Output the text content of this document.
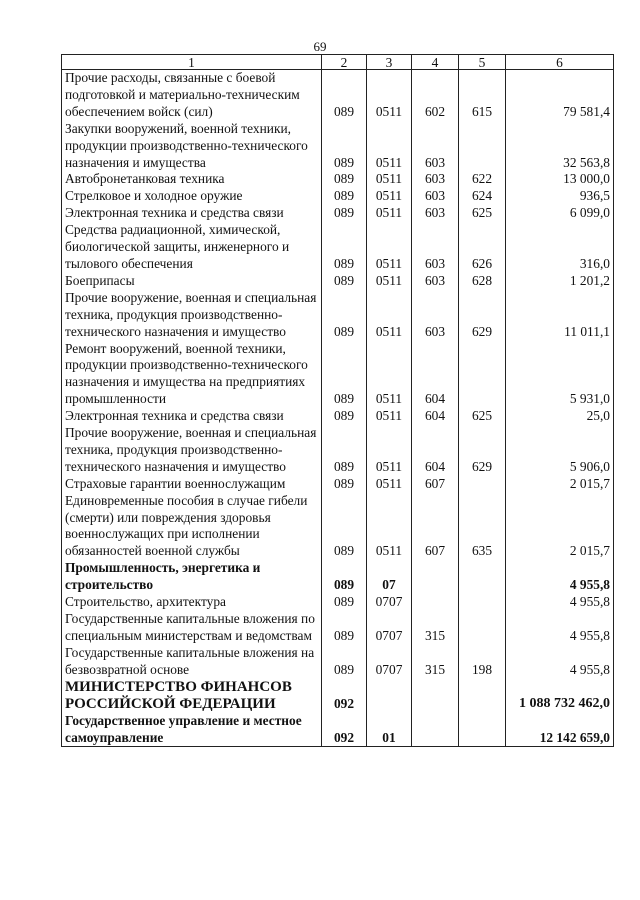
69
1	2	3	4	5	6
Прочие расходы, связанные с боевой подготовкой и материально-техническим обеспечением войск (сил)	089	0511	602	615	79 581,4
Закупки вооружений, военной техники, продукции производственно-технического назначения и имущества	089	0511	603		32 563,8
Автобронетанковая техника	089	0511	603	622	13 000,0
Стрелковое и холодное оружие	089	0511	603	624	936,5
Электронная техника и средства связи	089	0511	603	625	6 099,0
Средства радиационной, химической, биологической защиты, инженерного и тылового обеспечения	089	0511	603	626	316,0
Боеприпасы	089	0511	603	628	1 201,2
Прочие вооружение, военная и специальная техника, продукция производственно-технического назначения и имущество	089	0511	603	629	11 011,1
Ремонт вооружений, военной техники, продукции производственно-технического назначения и имущества на предприятиях промышленности	089	0511	604		5 931,0
Электронная техника и средства связи	089	0511	604	625	25,0
Прочие вооружение, военная и специальная техника, продукция производственно-технического назначения и имущество	089	0511	604	629	5 906,0
Страховые гарантии военнослужащим	089	0511	607		2 015,7
Единовременные пособия в случае гибели (смерти) или повреждения здоровья военнослужащих при исполнении обязанностей военной службы	089	0511	607	635	2 015,7
Промышленность, энергетика и строительство	089	07			4 955,8
Строительство, архитектура	089	0707			4 955,8
Государственные капитальные вложения по специальным министерствам и ведомствам	089	0707	315		4 955,8
Государственные капитальные вложения на безвозвратной основе	089	0707	315	198	4 955,8
МИНИСТЕРСТВО ФИНАНСОВ РОССИЙСКОЙ ФЕДЕРАЦИИ	092				1 088 732 462,0
Государственное управление и местное самоуправление	092	01			12 142 659,0
